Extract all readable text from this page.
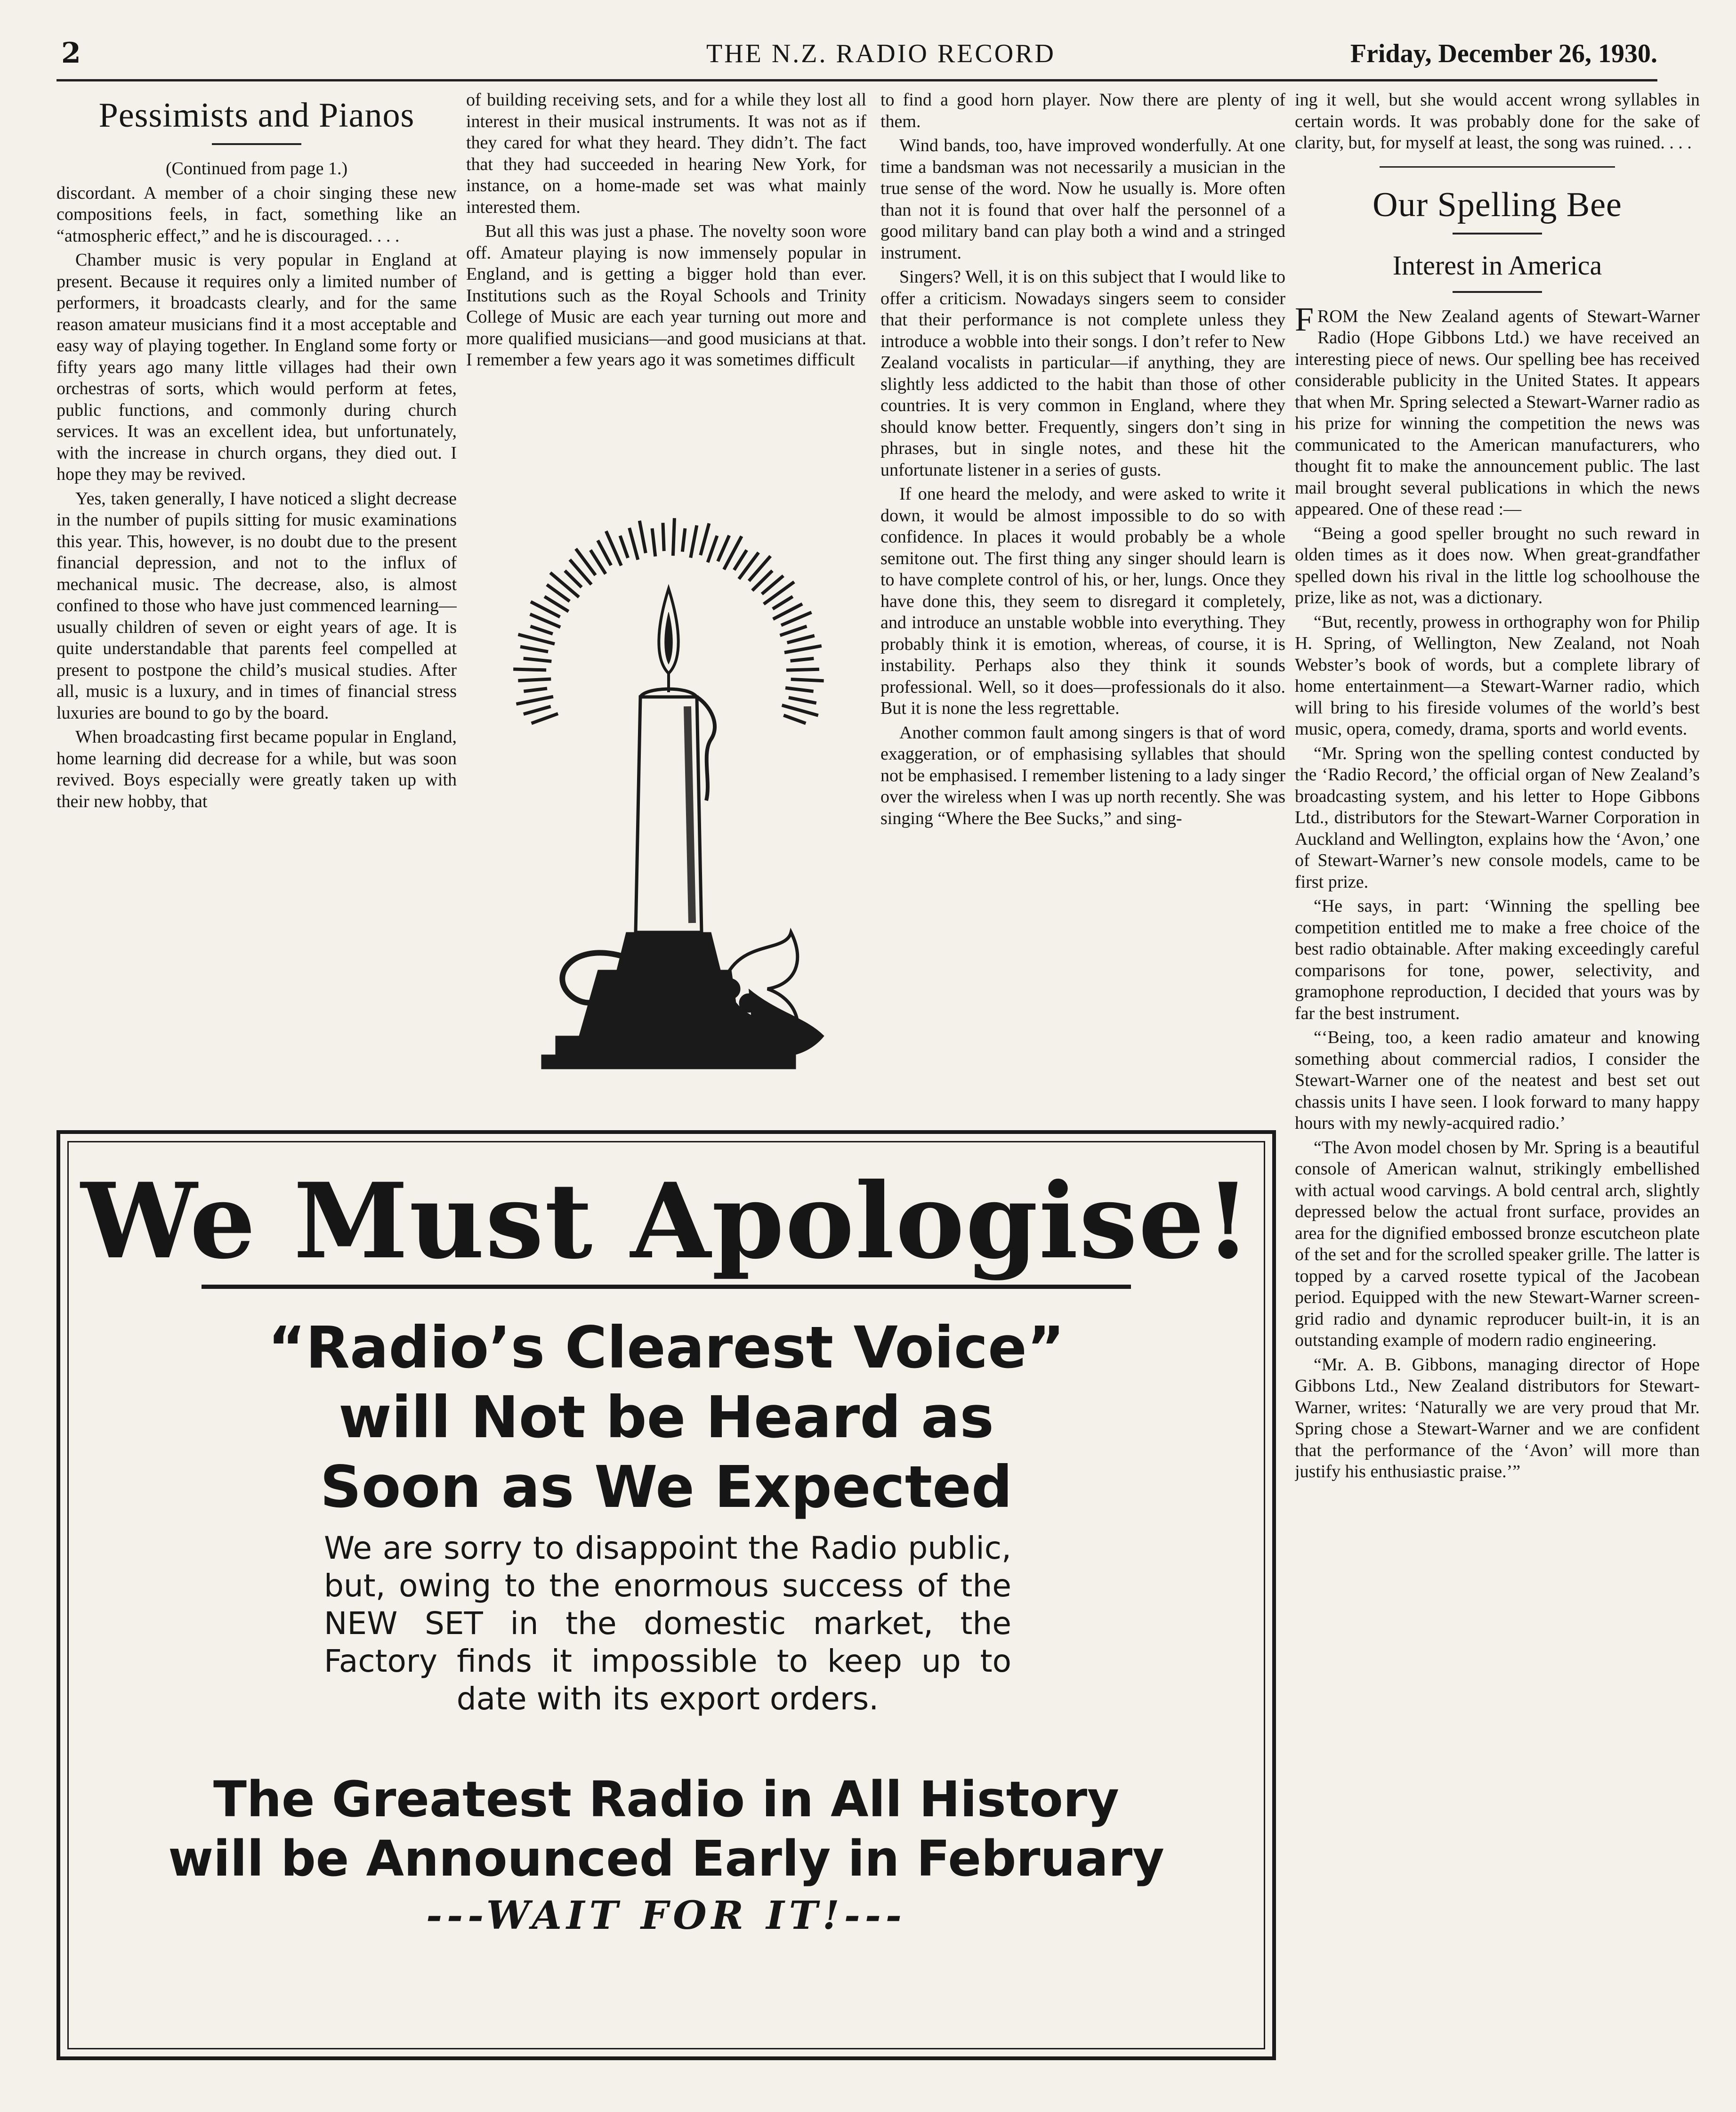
2	THE N.Z. RADIO RECORD	Friday, December 26, 1930.
Pessimists and Pianos

(Continued from page 1.)

discordant. A member of a choir singing these new compositions feels, in fact, something like an “atmospheric effect,” and he is discouraged. . . .

Chamber music is very popular in England at present. Because it requires only a limited number of performers, it broadcasts clearly, and for the same reason amateur musicians find it a most acceptable and easy way of playing together. In England some forty or fifty years ago many little villages had their own orchestras of sorts, which would perform at fetes, public functions, and commonly during church services. It was an excellent idea, but unfortunately, with the increase in church organs, they died out. I hope they may be revived.

Yes, taken generally, I have noticed a slight decrease in the number of pupils sitting for music examinations this year. This, however, is no doubt due to the present financial depression, and not to the influx of mechanical music. The decrease, also, is almost confined to those who have just commenced learning—usually children of seven or eight years of age. It is quite understandable that parents feel compelled at present to postpone the child’s musical studies. After all, music is a luxury, and in times of financial stress luxuries are bound to go by the board.

When broadcasting first became popular in England, home learning did decrease for a while, but was soon revived. Boys especially were greatly taken up with their new hobby, that

of building receiving sets, and for a while they lost all interest in their musical instruments. It was not as if they cared for what they heard. They didn’t. The fact that they had succeeded in hearing New York, for instance, on a home-made set was what mainly interested them.

But all this was just a phase. The novelty soon wore off. Amateur playing is now immensely popular in England, and is getting a bigger hold than ever. Institutions such as the Royal Schools and Trinity College of Music are each year turning out more and more qualified musicians—and good musicians at that. I remember a few years ago it was sometimes difficult

to find a good horn player. Now there are plenty of them.

Wind bands, too, have improved wonderfully. At one time a bandsman was not necessarily a musician in the true sense of the word. Now he usually is. More often than not it is found that over half the personnel of a good military band can play both a wind and a stringed instrument.

Singers? Well, it is on this subject that I would like to offer a criticism. Nowadays singers seem to consider that their performance is not complete unless they introduce a wobble into their songs. I don’t refer to New Zealand vocalists in particular—if anything, they are slightly less addicted to the habit than those of other countries. It is very common in England, where they should know better. Frequently, singers don’t sing in phrases, but in single notes, and these hit the unfortunate listener in a series of gusts.

If one heard the melody, and were asked to write it down, it would be almost impossible to do so with confidence. In places it would probably be a whole semitone out. The first thing any singer should learn is to have complete control of his, or her, lungs. Once they have done this, they seem to disregard it completely, and introduce an unstable wobble into everything. They probably think it is emotion, whereas, of course, it is instability. Perhaps also they think it sounds professional. Well, so it does—professionals do it also. But it is none the less regrettable.

Another common fault among singers is that of word exaggeration, or of emphasising syllables that should not be emphasised. I remember listening to a lady singer over the wireless when I was up north recently. She was singing “Where the Bee Sucks,” and sing-

ing it well, but she would accent wrong syllables in certain words. It was probably done for the sake of clarity, but, for myself at least, the song was ruined. . . .

Our Spelling Bee
Interest in America

FROM the New Zealand agents of Stewart-Warner Radio (Hope Gibbons Ltd.) we have received an interesting piece of news. Our spelling bee has received considerable publicity in the United States. It appears that when Mr. Spring selected a Stewart-Warner radio as his prize for winning the competition the news was communicated to the American manufacturers, who thought fit to make the announcement public. The last mail brought several publications in which the news appeared. One of these read :—

“Being a good speller brought no such reward in olden times as it does now. When great-grandfather spelled down his rival in the little log schoolhouse the prize, like as not, was a dictionary.

“But, recently, prowess in orthography won for Philip H. Spring, of Wellington, New Zealand, not Noah Webster’s book of words, but a complete library of home entertainment—a Stewart-Warner radio, which will bring to his fireside volumes of the world’s best music, opera, comedy, drama, sports and world events.

“Mr. Spring won the spelling contest conducted by the ‘Radio Record,’ the official organ of New Zealand’s broadcasting system, and his letter to Hope Gibbons Ltd., distributors for the Stewart-Warner Corporation in Auckland and Wellington, explains how the ‘Avon,’ one of Stewart-Warner’s new console models, came to be first prize.

“He says, in part: ‘Winning the spelling bee competition entitled me to make a free choice of the best radio obtainable. After making exceedingly careful comparisons for tone, power, selectivity, and gramophone reproduction, I decided that yours was by far the best instrument.

“‘Being, too, a keen radio amateur and knowing something about commercial radios, I consider the Stewart-Warner one of the neatest and best set out chassis units I have seen. I look forward to many happy hours with my newly-acquired radio.’

“The Avon model chosen by Mr. Spring is a beautiful console of American walnut, strikingly embellished with actual wood carvings. A bold central arch, slightly depressed below the actual front surface, provides an area for the dignified embossed bronze escutcheon plate of the set and for the scrolled speaker grille. The latter is topped by a carved rosette typical of the Jacobean period. Equipped with the new Stewart-Warner screen-grid radio and dynamic reproducer built-in, it is an outstanding example of modern radio engineering.

“Mr. A. B. Gibbons, managing director of Hope Gibbons Ltd., New Zealand distributors for Stewart-Warner, writes: ‘Naturally we are very proud that Mr. Spring chose a Stewart-Warner and we are confident that the performance of the ‘Avon’ will more than justify his enthusiastic praise.’”

We Must Apologise!
“Radio’s Clearest Voice”
will Not be Heard as
Soon as We Expected
We are sorry to disappoint the Radio public, but, owing to the enormous success of the NEW SET in the domestic market, the Factory finds it impossible to keep up to date with its export orders.
The Greatest Radio in All History
will be Announced Early in February
---WAIT FOR IT!---
